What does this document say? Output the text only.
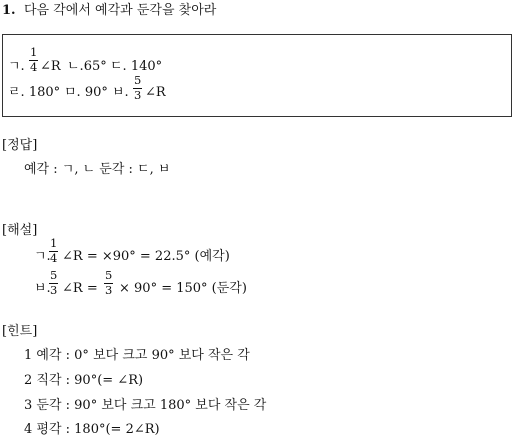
1. 다음 각에서 예각과 둔각을 찾아라
ㄱ.
1
4 ∠R ㄴ.65° ㄷ. 140°
ㄹ. 180° ㅁ. 90° ㅂ.
5
3 ∠R
[정답]
예각 : ㄱ, ㄴ 둔각 : ㄷ, ㅂ
[해설]
ㄱ.
1
4 ∠R = ×90° = 22.5° (예각)
ㅂ.
5
3 ∠R =
5
3 × 90° = 150° (둔각)
[힌트]
1 예각 : 0° 보다 크고 90° 보다 작은 각
2 직각 : 90°(= ∠R)
3 둔각 : 90° 보다 크고 180° 보다 작은 각
4 평각 : 180°(= 2∠R)
